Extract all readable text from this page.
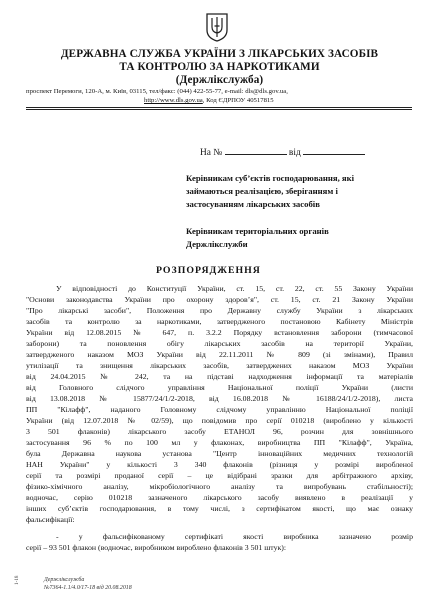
ДЕРЖАВНА СЛУЖБА УКРАЇНИ З ЛІКАРСЬКИХ ЗАСОБІВ
ТА КОНТРОЛЮ ЗА НАРКОТИКАМИ
(Держлікслужба)
проспект Перемоги, 120-А, м. Київ, 03115, тел/факс: (044) 422-55-77, e-mail: dls@dls.gov.ua,
http://www.dls.gov.ua, Код ЄДРПОУ 40517815
На №	від
Керівникам суб’єктів господарювання, які
займаються реалізацією, зберіганням і
застосуванням лікарських засобів
Керівникам територіальних органів
Держлікслужби
РОЗПОРЯДЖЕННЯ
У відповідності до Конституції України, ст. 15, ст. 22, ст. 55 Закону України
"Основи законодавства України про охорону здоров’я", ст. 15, ст. 21 Закону України
"Про лікарські засоби", Положення про Державну службу України з лікарських
засобів та контролю за наркотиками, затвердженого постановою Кабінету Міністрів
України від 12.08.2015 № 647, п. 3.2.2 Порядку встановлення заборони (тимчасової
заборони) та поновлення обігу лікарських засобів на території України,
затвердженого наказом МОЗ України від 22.11.2011 № 809 (зі змінами), Правил
утилізації та знищення лікарських засобів, затверджених наказом МОЗ України
від 24.04.2015 № 242, та на підставі надходження інформації та матеріалів
від Головного слідчого управління Національної поліції України (листи
від 13.08.2018 № 15877/24/1/2-2018, від 16.08.2018 № 16188/24/1/2-2018), листа
ПП "Кілафф", наданого Головному слідчому управлінню Національної поліції
України (від 12.07.2018 № 02/59), що повідомив про серії 010218 (вироблено у кількості
3 501 флаконів) лікарського засобу ЕТАНОЛ 96, розчин для зовнішнього
застосування 96 % по 100 мл у флаконах, виробництва ПП "Кілафф", Україна,
була Державна наукова установа "Центр інноваційних медичних технологій
НАН України" у кількості 3 340 флаконів (різниця у розмірі виробленої
серії та розмірі проданої серії – це відібрані зразки для арбітражного архіву,
фізико-хімічного аналізу, мікробіологічного аналізу та випробувань стабільності);
водночас, серію 010218 зазначеного лікарського засобу виявлено в реалізації у
інших суб’єктів господарювання, в тому числі, з сертифікатом якості, що має ознаку
фальсифікації:
- у фальсифікованому сертифікаті якості виробника зазначено розмір
серії – 93 501 флакон (водночас, виробником вироблено флаконів 3 501 штук):
Держлікслужба
№7364-1.1/4.0/17-18 від 20.08.2018
1-18
